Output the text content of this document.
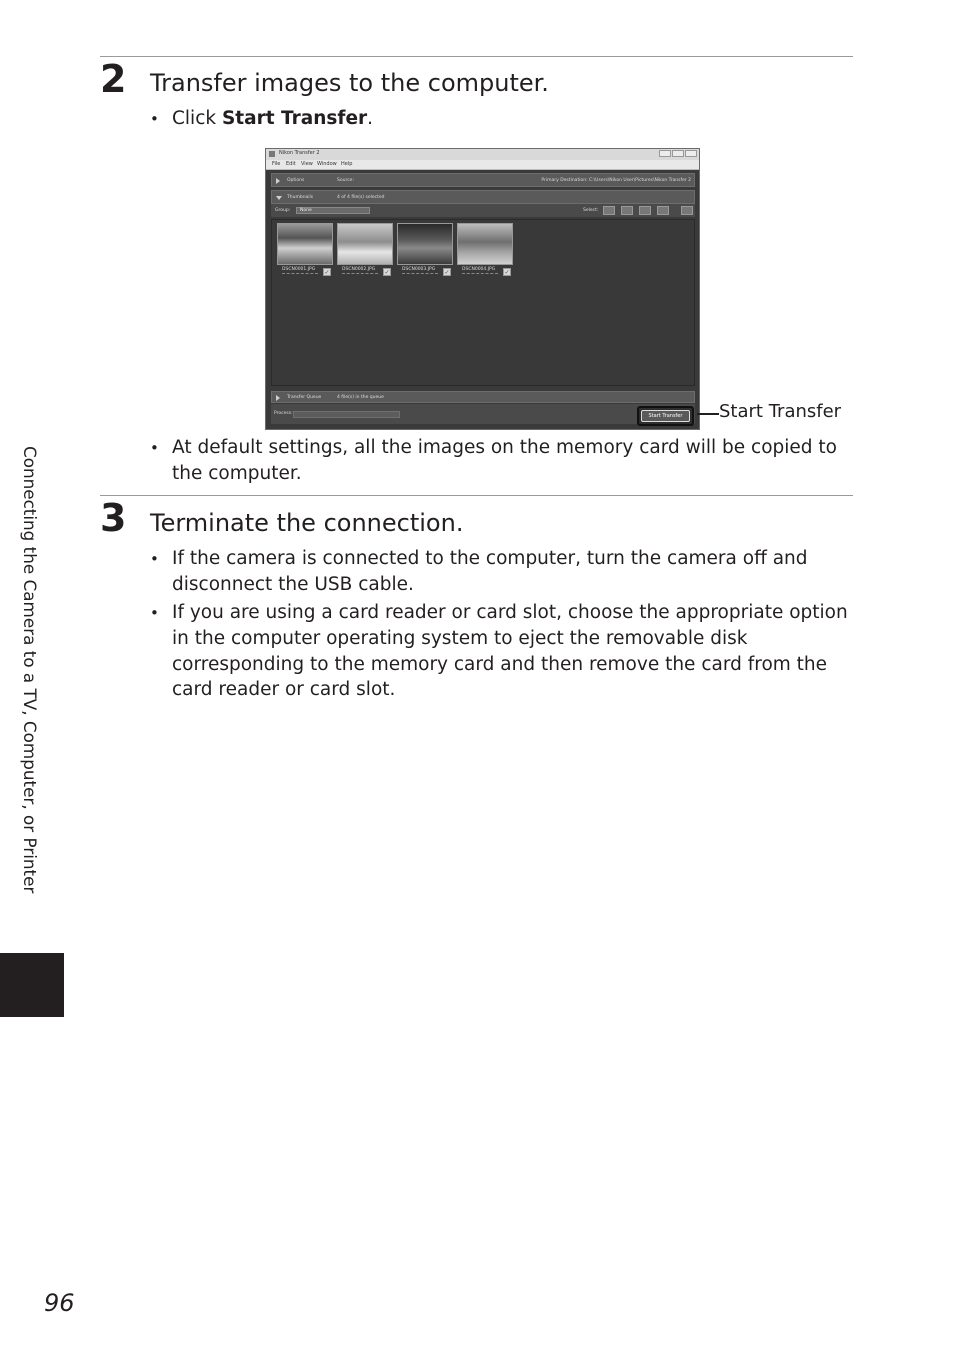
2 Transfer images to the computer.
• Click Start Transfer.
Nikon Transfer 2
File Edit View Window Help
Options	Source:	Primary Destination: C:\Users\Nikon User\Pictures\Nikon Transfer 2
Thumbnails	4 of 4 file(s) selected
Group: None	Select:
DSCN0001.JPG ✓	DSCN0002.JPG ✓	DSCN0003.JPG ✓	DSCN0004.JPG ✓
Transfer Queue	4 file(s) in the queue
Process:	Start Transfer	Start Transfer
• At default settings, all the images on the memory card will be copied to the computer.
3 Terminate the connection.
• If the camera is connected to the computer, turn the camera off and disconnect the USB cable.
• If you are using a card reader or card slot, choose the appropriate option in the computer operating system to eject the removable disk corresponding to the memory card and then remove the card from the card reader or card slot.
Connecting the Camera to a TV, Computer, or Printer
96
